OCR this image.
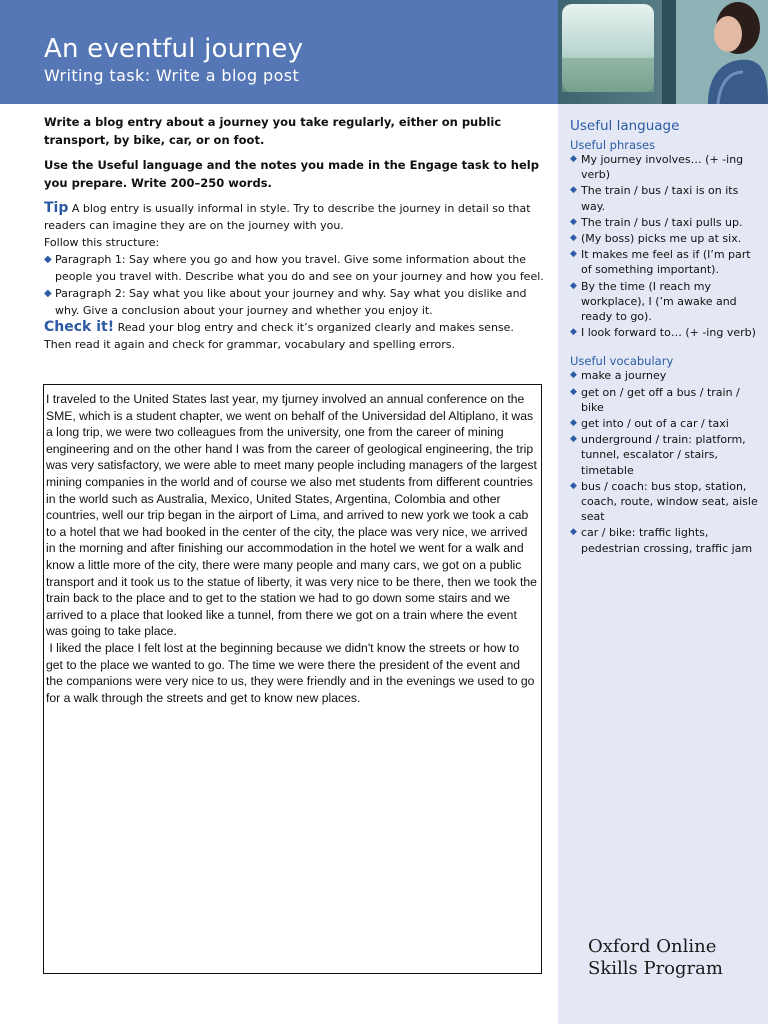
An eventful journey
Writing task: Write a blog post
Useful language
Useful phrases
◆ My journey involves… (+ -ing verb)
◆ The train / bus / taxi is on its way.
◆ The train / bus / taxi pulls up.
◆ (My boss) picks me up at six.
◆ It makes me feel as if (I’m part of something important).
◆ By the time (I reach my workplace), I (’m awake and ready to go).
◆ I look forward to… (+ -ing verb)
Useful vocabulary
◆ make a journey
◆ get on / get off a bus / train / bike
◆ get into / out of a car / taxi
◆ underground / train: platform, tunnel, escalator / stairs, timetable
◆ bus / coach: bus stop, station, coach, route, window seat, aisle seat
◆ car / bike: traffic lights, pedestrian crossing, traffic jam

Write a blog entry about a journey you take regularly, either on public transport, by bike, car, or on foot.

Use the Useful language and the notes you made in the Engage task to help you prepare. Write 200–250 words.

Tip A blog entry is usually informal in style. Try to describe the journey in detail so that readers can imagine they are on the journey with you.

Follow this structure:

◆ Paragraph 1: Say where you go and how you travel. Give some information about the people you travel with. Describe what you do and see on your journey and how you feel.
◆ Paragraph 2: Say what you like about your journey and why. Say what you dislike and why. Give a conclusion about your journey and whether you enjoy it.

Check it! Read your blog entry and check it’s organized clearly and makes sense. Then read it again and check for grammar, vocabulary and spelling errors.

I traveled to the United States last year, my tjurney involved an annual conference on the SME, which is a student chapter, we went on behalf of the Universidad del Altiplano, it was a long trip, we were two colleagues from the university, one from the career of mining engineering and on the other hand I was from the career of geological engineering, the trip was very satisfactory, we were able to meet many people including managers of the largest mining companies in the world and of course we also met students from different countries in the world such as Australia, Mexico, United States, Argentina, Colombia and other countries, well our trip began in the airport of Lima, and arrived to new york we took a cab to a hotel that we had booked in the center of the city, the place was very nice, we arrived in the morning and after finishing our accommodation in the hotel we went for a walk and know a little more of the city, there were many people and many cars, we got on a public transport and it took us to the statue of liberty, it was very nice to be there, then we took the train back to the place and to get to the station we had to go down some stairs and we arrived to a place that looked like a tunnel, from there we got on a train where the event was going to take place.
I liked the place I felt lost at the beginning because we didn't know the streets or how to get to the place we wanted to go. The time we were there the president of the event and the companions were very nice to us, they were friendly and in the evenings we used to go for a walk through the streets and get to know new places.
Oxford Online
Skills Program
